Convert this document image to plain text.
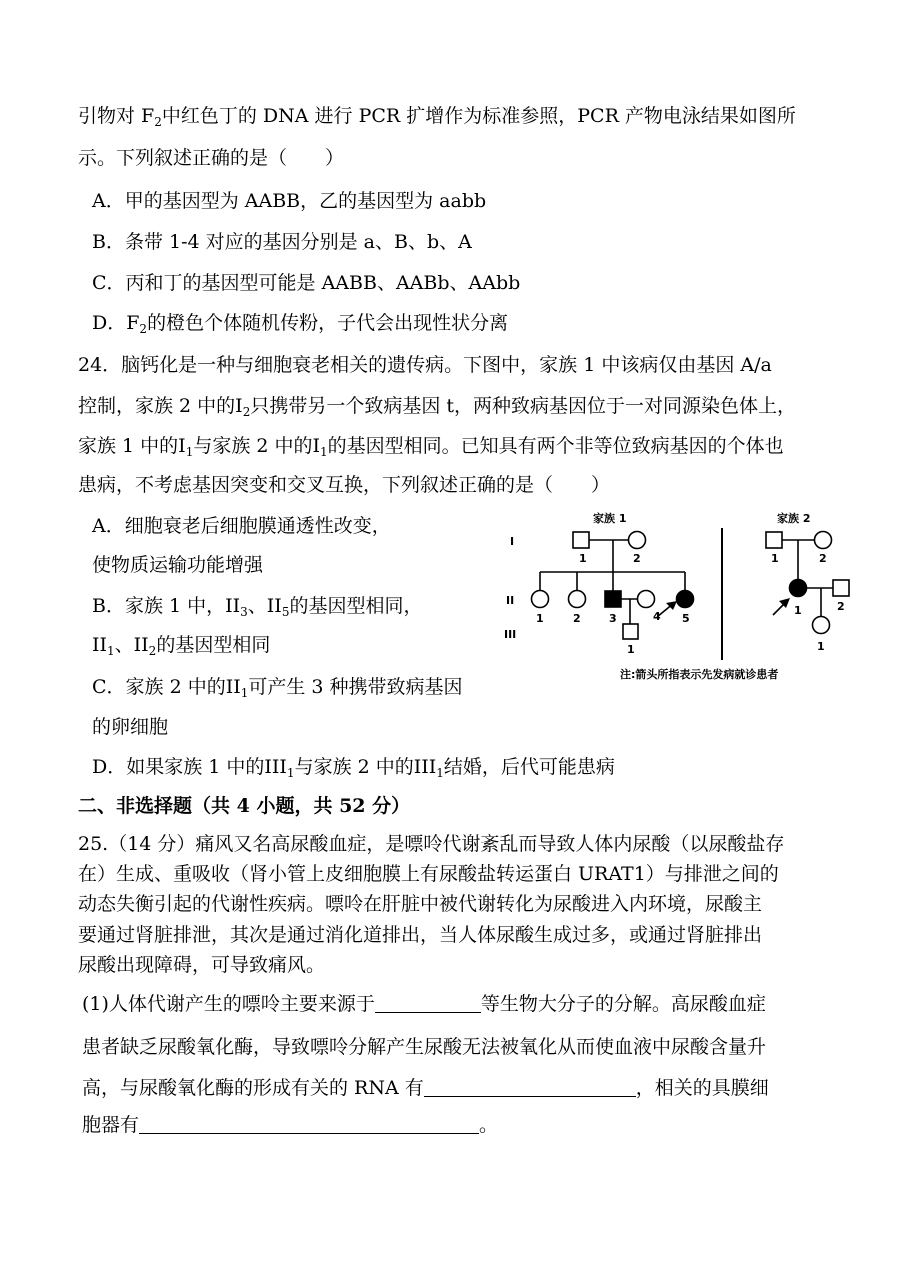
引物对 $F_2$中红色丁的 DNA 进行 PCR 扩增作为标准参照，PCR 产物电泳结果如图所
示。下列叙述正确的是（　　）
A．甲的基因型为 AABB，乙的基因型为 aabb
B．条带 1-4 对应的基因分别是 a、B、b、A
C．丙和丁的基因型可能是 AABB、AABb、AAbb
D．$F_2$的橙色个体随机传粉，子代会出现性状分离
24．脑钙化是一种与细胞衰老相关的遗传病。下图中，家族 1 中该病仅由基因 A/a
控制，家族 2 中的$I_2$只携带另一个致病基因 t，两种致病基因位于一对同源染色体上，
家族 1 中的$I_1$与家族 2 中的$I_1$的基因型相同。已知具有两个非等位致病基因的个体也
患病，不考虑基因突变和交叉互换，下列叙述正确的是（　　）
A．细胞衰老后细胞膜通透性改变，
使物质运输功能增强
B．家族 1 中，$II_3$、$II_5$的基因型相同，
$II_1$、$II_2$的基因型相同
C．家族 2 中的$II_1$可产生 3 种携带致病基因
的卵细胞
D．如果家族 1 中的$III_1$与家族 2 中的$III_1$结婚，后代可能患病
家族 1	家族 2
I
II
III
1	2
1	2	3	4 5
1
1	2
1	2
1
注:箭头所指表示先发病就诊患者
二、非选择题（共 4 小题，共 52 分）
25.（14 分）痛风又名高尿酸血症，是嘌呤代谢紊乱而导致人体内尿酸（以尿酸盐存
在）生成、重吸收（肾小管上皮细胞膜上有尿酸盐转运蛋白 URAT1）与排泄之间的
动态失衡引起的代谢性疾病。嘌呤在肝脏中被代谢转化为尿酸进入内环境，尿酸主
要通过肾脏排泄，其次是通过消化道排出，当人体尿酸生成过多，或通过肾脏排出
尿酸出现障碍，可导致痛风。
(1)人体代谢产生的嘌呤主要来源于	等生物大分子的分解。高尿酸血症
患者缺乏尿酸氧化酶，导致嘌呤分解产生尿酸无法被氧化从而使血液中尿酸含量升
高，与尿酸氧化酶的形成有关的 RNA 有	，相关的具膜细
胞器有	。
